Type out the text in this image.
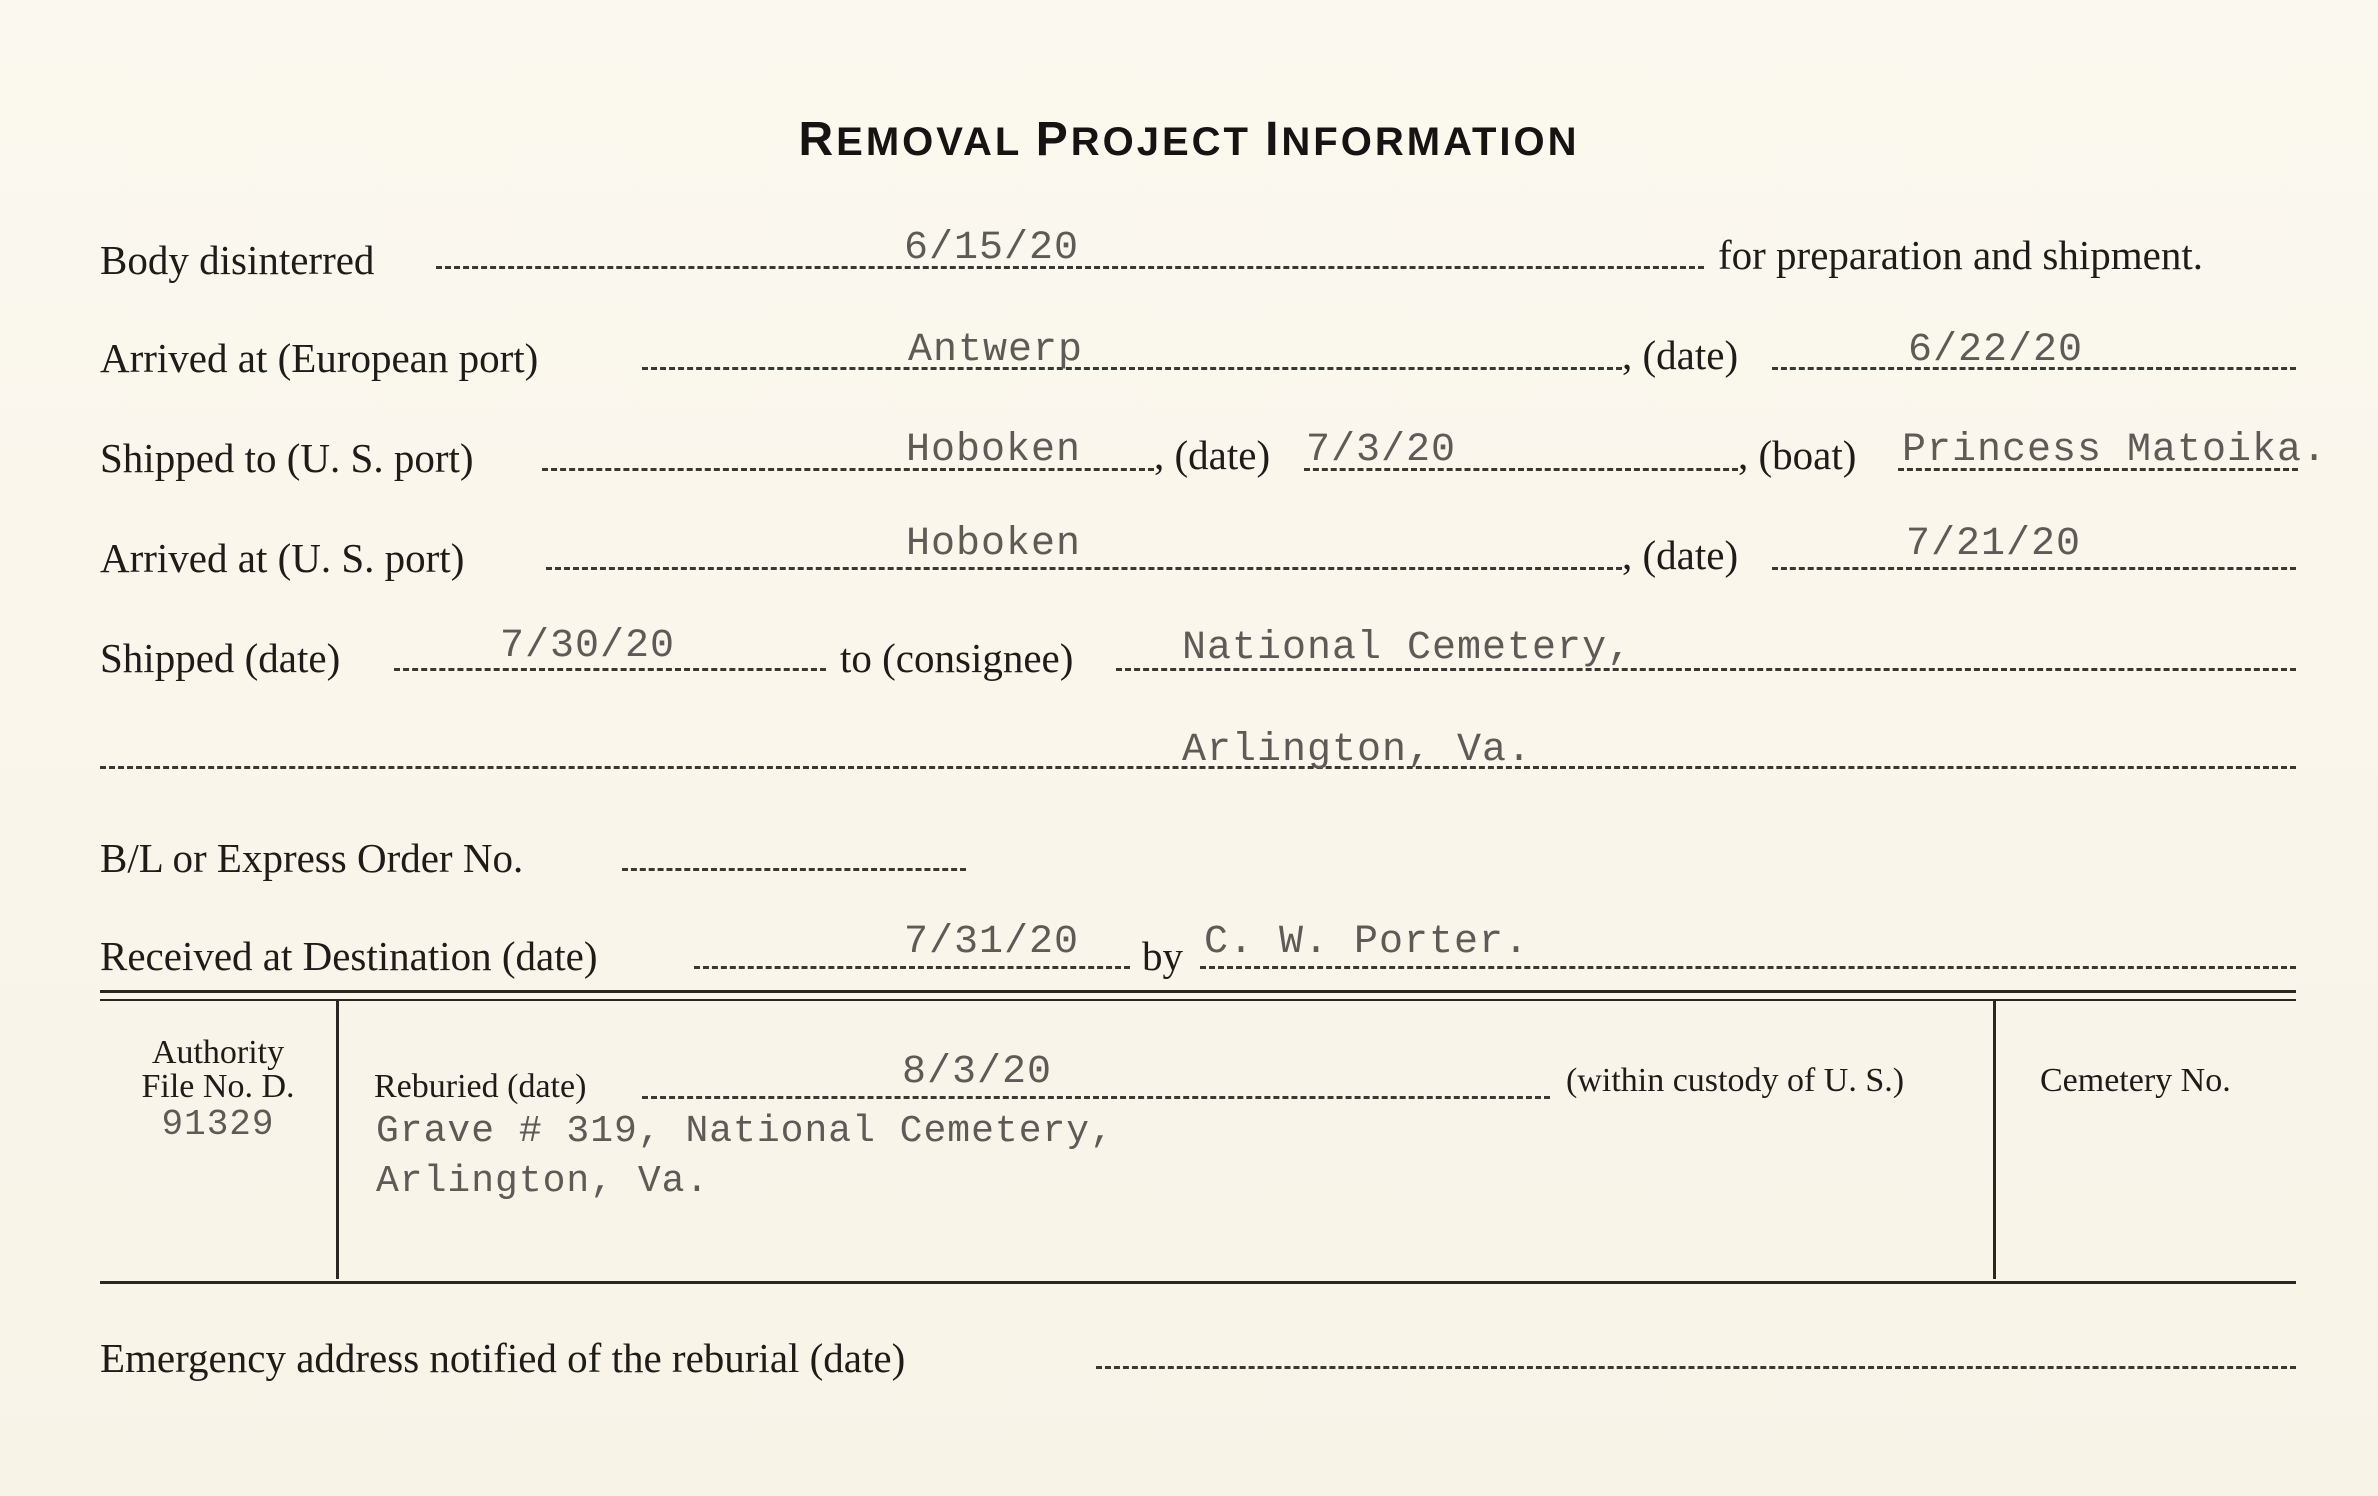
REMOVAL PROJECT INFORMATION
Body disinterred	6/15/20	for preparation and shipment.
Arrived at (European port)	Antwerp	, (date)	6/22/20
Shipped to (U. S. port)	Hoboken , (date) 7/3/20	, (boat) Princess Matoika.
Arrived at (U. S. port)	Hoboken	, (date)	7/21/20
Shipped (date)	7/30/20	to (consignee)	National Cemetery,
Arlington, Va.
B/L or Express Order No.
Received at Destination (date)	7/31/20 by C. W. Porter.
Authority
File No. D.
91329
Reburied (date)	8/3/20	(within custody of U. S.)
Grave # 319, National Cemetery,
Arlington, Va.
Cemetery No.
Emergency address notified of the reburial (date)
